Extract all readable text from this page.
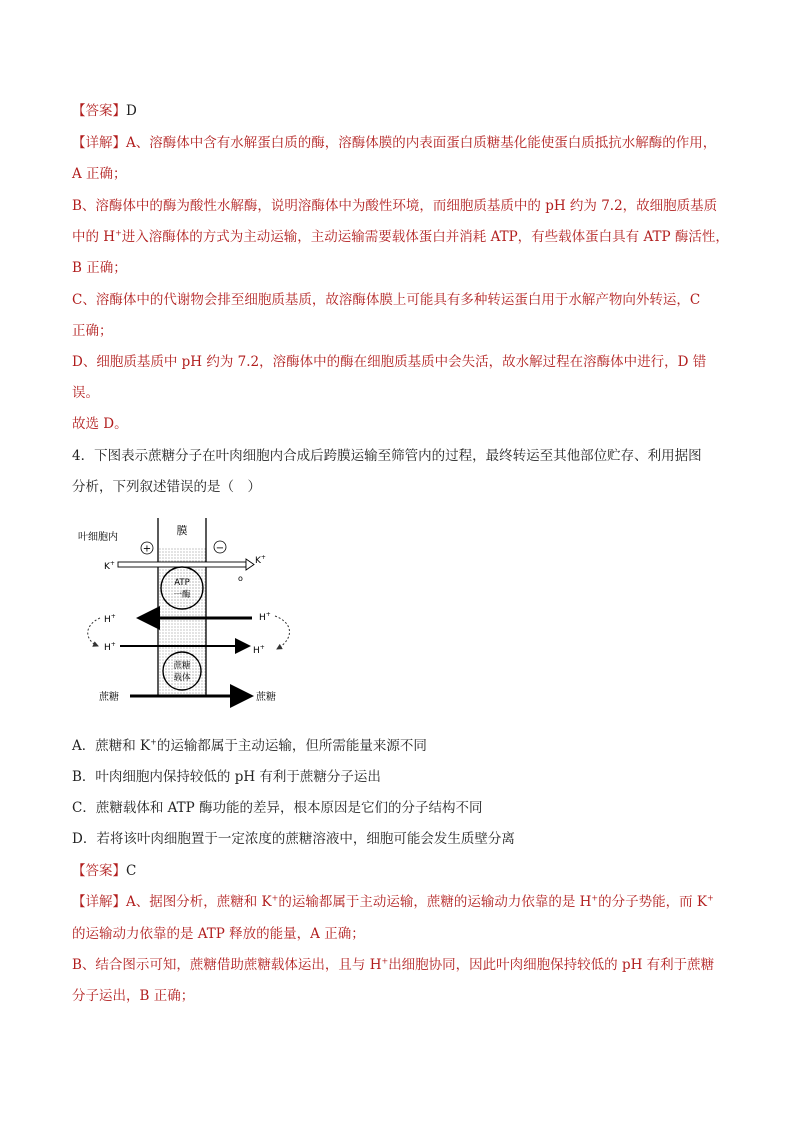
【答案】D
【详解】A、溶酶体中含有水解蛋白质的酶，溶酶体膜的内表面蛋白质糖基化能使蛋白质抵抗水解酶的作用，
A 正确；
B、溶酶体中的酶为酸性水解酶，说明溶酶体中为酸性环境，而细胞质基质中的 pH 约为 7.2，故细胞质基质
中的 H+进入溶酶体的方式为主动运输，主动运输需要载体蛋白并消耗 ATP，有些载体蛋白具有 ATP 酶活性，
B 正确；
C、溶酶体中的代谢物会排至细胞质基质，故溶酶体膜上可能具有多种转运蛋白用于水解产物向外转运，C
正确；
D、细胞质基质中 pH 约为 7.2，溶酶体中的酶在细胞质基质中会失活，故水解过程在溶酶体中进行，D 错
误。
故选 D。
4．下图表示蔗糖分子在叶肉细胞内合成后跨膜运输至筛管内的过程，最终转运至其他部位贮存、利用据图
分析，下列叙述错误的是（　）
膜
叶细胞内
+	−
K+	K+
o
ATP
一酶
H+
H+
H+
H+
蔗糖
载体
蔗糖	蔗糖
A．蔗糖和 K+的运输都属于主动运输，但所需能量来源不同
B．叶肉细胞内保持较低的 pH 有利于蔗糖分子运出
C．蔗糖载体和 ATP 酶功能的差异，根本原因是它们的分子结构不同
D．若将该叶肉细胞置于一定浓度的蔗糖溶液中，细胞可能会发生质壁分离
【答案】C
【详解】A、据图分析，蔗糖和 K+的运输都属于主动运输，蔗糖的运输动力依靠的是 H+的分子势能，而 K+
的运输动力依靠的是 ATP 释放的能量，A 正确；
B、结合图示可知，蔗糖借助蔗糖载体运出，且与 H+出细胞协同，因此叶肉细胞保持较低的 pH 有利于蔗糖
分子运出，B 正确；
